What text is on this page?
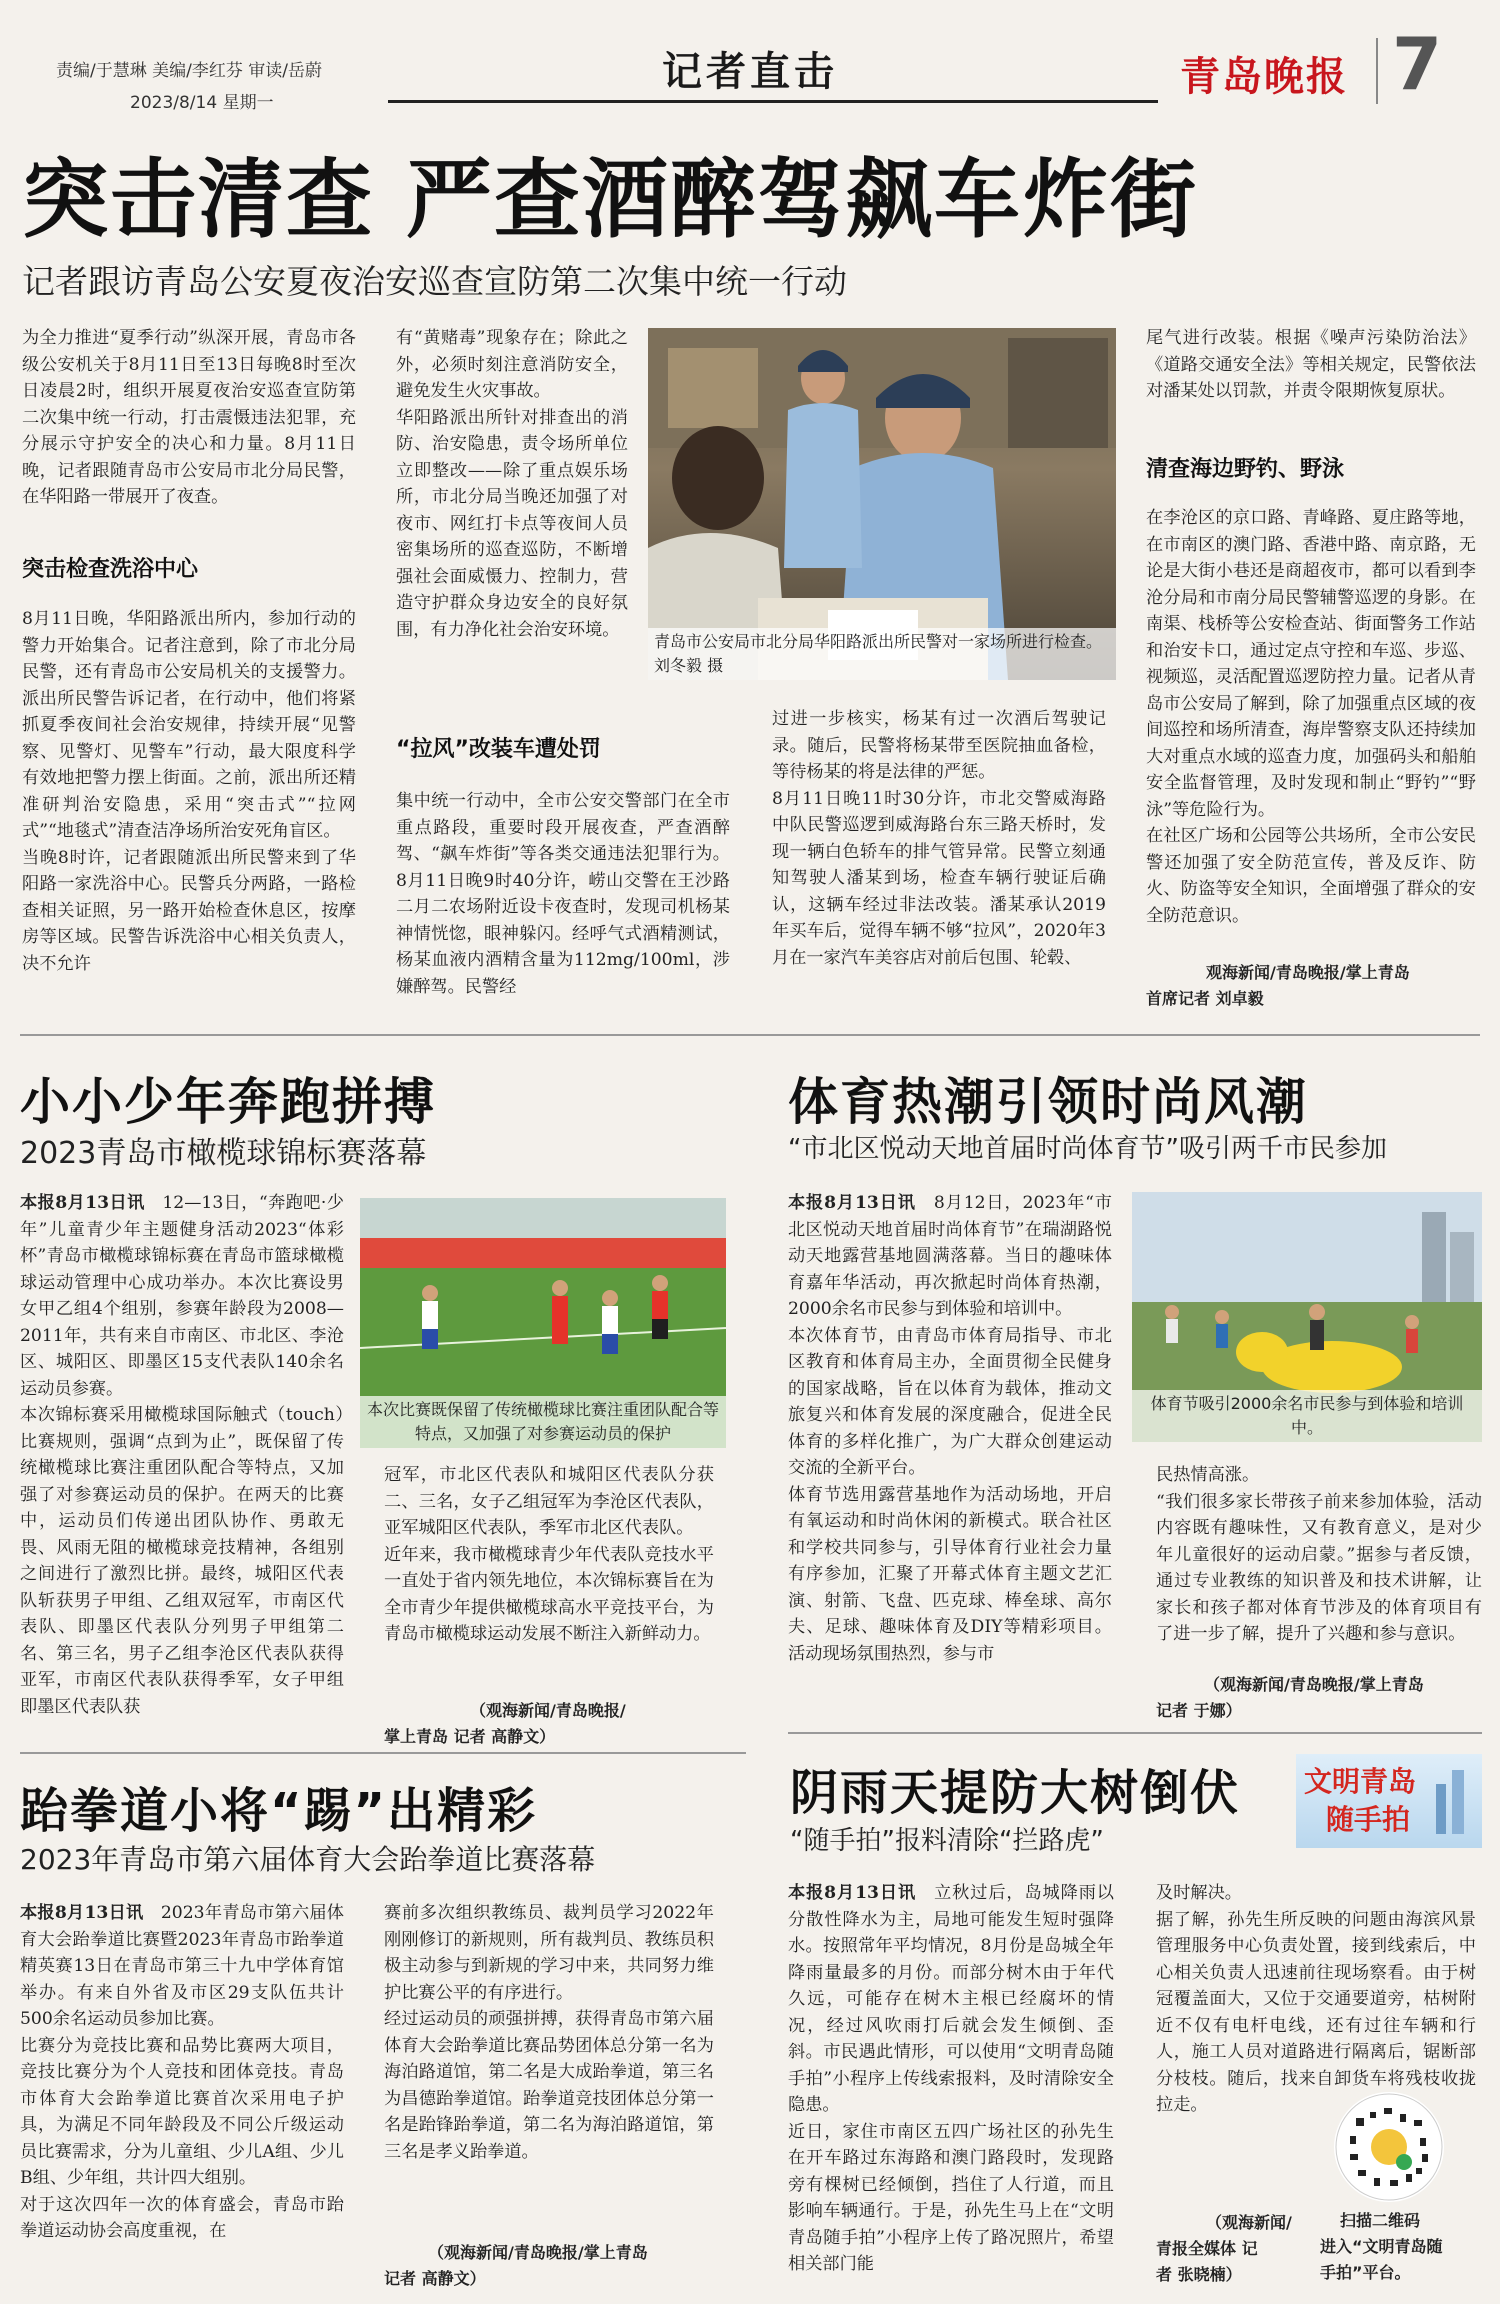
责编/于慧琳 美编/李红芬 审读/岳蔚
2023/8/14 星期一
记者直击	青岛晚报 7
突击清查 严查酒醉驾飙车炸街
记者跟访青岛公安夏夜治安巡查宣防第二次集中统一行动
为全力推进“夏季行动”纵深开展，青岛市各级公安机关于8月11日至13日每晚8时至次日凌晨2时，组织开展夏夜治安巡查宣防第二次集中统一行动，打击震慑违法犯罪，充分展示守护安全的决心和力量。8月11日晚，记者跟随青岛市公安局市北分局民警，在华阳路一带展开了夜查。
突击检查洗浴中心
8月11日晚，华阳路派出所内，参加行动的警力开始集合。记者注意到，除了市北分局民警，还有青岛市公安局机关的支援警力。派出所民警告诉记者，在行动中，他们将紧抓夏季夜间社会治安规律，持续开展“见警察、见警灯、见警车”行动，最大限度科学有效地把警力摆上街面。之前，派出所还精准研判治安隐患，采用“突击式”“拉网式”“地毯式”清查洁净场所治安死角盲区。
当晚8时许，记者跟随派出所民警来到了华阳路一家洗浴中心。民警兵分两路，一路检查相关证照，另一路开始检查休息区，按摩房等区域。民警告诉洗浴中心相关负责人，决不允许
有“黄赌毒”现象存在；除此之外，必须时刻注意消防安全，避免发生火灾事故。
华阳路派出所针对排查出的消防、治安隐患，责令场所单位立即整改——除了重点娱乐场所，市北分局当晚还加强了对夜市、网红打卡点等夜间人员密集场所的巡查巡防，不断增强社会面威慑力、控制力，营造守护群众身边安全的良好氛围，有力净化社会治安环境。
“拉风”改装车遭处罚
集中统一行动中，全市公安交警部门在全市重点路段，重要时段开展夜查，严查酒醉驾、“飙车炸街”等各类交通违法犯罪行为。8月11日晚9时40分许，崂山交警在王沙路二月二农场附近设卡夜查时，发现司机杨某神情恍惚，眼神躲闪。经呼气式酒精测试，杨某血液内酒精含量为112mg/100ml，涉嫌醉驾。民警经
青岛市公安局市北分局华阳路派出所民警对一家场所进行检查。 刘冬毅 摄
过进一步核实，杨某有过一次酒后驾驶记录。随后，民警将杨某带至医院抽血备检，等待杨某的将是法律的严惩。
8月11日晚11时30分许，市北交警威海路中队民警巡逻到威海路台东三路天桥时，发现一辆白色轿车的排气管异常。民警立刻通知驾驶人潘某到场，检查车辆行驶证后确认，这辆车经过非法改装。潘某承认2019年买车后，觉得车辆不够“拉风”，2020年3月在一家汽车美容店对前后包围、轮毂、
尾气进行改装。根据《噪声污染防治法》《道路交通安全法》等相关规定，民警依法对潘某处以罚款，并责令限期恢复原状。
清查海边野钓、野泳
在李沧区的京口路、青峰路、夏庄路等地，在市南区的澳门路、香港中路、南京路，无论是大街小巷还是商超夜市，都可以看到李沧分局和市南分局民警辅警巡逻的身影。在南渠、栈桥等公安检查站、街面警务工作站和治安卡口，通过定点守控和车巡、步巡、视频巡，灵活配置巡逻防控力量。记者从青岛市公安局了解到，除了加强重点区域的夜间巡控和场所清查，海岸警察支队还持续加大对重点水域的巡查力度，加强码头和船舶安全监督管理，及时发现和制止“野钓”“野泳”等危险行为。
在社区广场和公园等公共场所，全市公安民警还加强了安全防范宣传，普及反诈、防火、防盗等安全知识，全面增强了群众的安全防范意识。
观海新闻/青岛晚报/掌上青岛
首席记者 刘卓毅
小小少年奔跑拼搏
2023青岛市橄榄球锦标赛落幕
本报8月13日讯　 12—13日，“奔跑吧·少年”儿童青少年主题健身活动2023“体彩杯”青岛市橄榄球锦标赛在青岛市篮球橄榄球运动管理中心成功举办。本次比赛设男女甲乙组4个组别，参赛年龄段为2008—2011年，共有来自市南区、市北区、李沧区、城阳区、即墨区15支代表队140余名运动员参赛。
本次锦标赛采用橄榄球国际触式（touch）比赛规则，强调“点到为止”，既保留了传统橄榄球比赛注重团队配合等特点，又加强了对参赛运动员的保护。在两天的比赛中，运动员们传递出团队协作、勇敢无畏、风雨无阻的橄榄球竞技精神，各组别之间进行了激烈比拼。最终，城阳区代表队斩获男子甲组、乙组双冠军，市南区代表队、即墨区代表队分列男子甲组第二名、第三名，男子乙组李沧区代表队获得亚军，市南区代表队获得季军，女子甲组即墨区代表队获
本次比赛既保留了传统橄榄球比赛注重团队配合等特点，又加强了对参赛运动员的保护
冠军，市北区代表队和城阳区代表队分获二、三名，女子乙组冠军为李沧区代表队，亚军城阳区代表队，季军市北区代表队。
近年来，我市橄榄球青少年代表队竞技水平一直处于省内领先地位，本次锦标赛旨在为全市青少年提供橄榄球高水平竞技平台，为青岛市橄榄球运动发展不断注入新鲜动力。
（观海新闻/青岛晚报/
掌上青岛 记者 高静文）
体育热潮引领时尚风潮
“市北区悦动天地首届时尚体育节”吸引两千市民参加
本报8月13日讯　 8月12日，2023年“市北区悦动天地首届时尚体育节”在瑞湖路悦动天地露营基地圆满落幕。当日的趣味体育嘉年华活动，再次掀起时尚体育热潮，2000余名市民参与到体验和培训中。
本次体育节，由青岛市体育局指导、市北区教育和体育局主办，全面贯彻全民健身的国家战略，旨在以体育为载体，推动文旅复兴和体育发展的深度融合，促进全民体育的多样化推广，为广大群众创建运动交流的全新平台。
体育节选用露营基地作为活动场地，开启有氧运动和时尚休闲的新模式。联合社区和学校共同参与，引导体育行业社会力量有序参加，汇聚了开幕式体育主题文艺汇演、射箭、飞盘、匹克球、棒垒球、高尔夫、足球、趣味体育及DIY等精彩项目。活动现场氛围热烈，参与市
体育节吸引2000余名市民参与到体验和培训中。
民热情高涨。
“我们很多家长带孩子前来参加体验，活动内容既有趣味性，又有教育意义，是对少年儿童很好的运动启蒙。”据参与者反馈，通过专业教练的知识普及和技术讲解，让家长和孩子都对体育节涉及的体育项目有了进一步了解，提升了兴趣和参与意识。
（观海新闻/青岛晚报/掌上青岛
记者 于娜）
跆拳道小将“踢”出精彩
2023年青岛市第六届体育大会跆拳道比赛落幕
本报8月13日讯　 2023年青岛市第六届体育大会跆拳道比赛暨2023年青岛市跆拳道精英赛13日在青岛市第三十九中学体育馆举办。有来自外省及市区29支队伍共计500余名运动员参加比赛。
比赛分为竞技比赛和品势比赛两大项目，竞技比赛分为个人竞技和团体竞技。青岛市体育大会跆拳道比赛首次采用电子护具，为满足不同年龄段及不同公斤级运动员比赛需求，分为儿童组、少儿A组、少儿B组、少年组，共计四大组别。
对于这次四年一次的体育盛会，青岛市跆拳道运动协会高度重视，在
赛前多次组织教练员、裁判员学习2022年刚刚修订的新规则，所有裁判员、教练员积极主动参与到新规的学习中来，共同努力维护比赛公平的有序进行。
经过运动员的顽强拼搏，获得青岛市第六届体育大会跆拳道比赛品势团体总分第一名为海泊路道馆，第二名是大成跆拳道，第三名为昌德跆拳道馆。跆拳道竞技团体总分第一名是跆锋跆拳道，第二名为海泊路道馆，第三名是孝义跆拳道。
（观海新闻/青岛晚报/掌上青岛
记者 高静文）
阴雨天提防大树倒伏
“随手拍”报料清除“拦路虎”
文明青岛
随手拍
本报8月13日讯　 立秋过后，岛城降雨以分散性降水为主，局地可能发生短时强降水。按照常年平均情况，8月份是岛城全年降雨量最多的月份。而部分树木由于年代久远，可能存在树木主根已经腐坏的情况，经过风吹雨打后就会发生倾倒、歪斜。市民遇此情形，可以使用“文明青岛随手拍”小程序上传线索报料，及时清除安全隐患。
近日，家住市南区五四广场社区的孙先生在开车路过东海路和澳门路段时，发现路旁有棵树已经倾倒，挡住了人行道，而且影响车辆通行。于是，孙先生马上在“文明青岛随手拍”小程序上传了路况照片，希望相关部门能
及时解决。
据了解，孙先生所反映的问题由海滨风景管理服务中心负责处置，接到线索后，中心相关负责人迅速前往现场察看。由于树冠覆盖面大，又位于交通要道旁，枯树附近不仅有电杆电线，还有过往车辆和行人，施工人员对道路进行隔离后，锯断部分枝枝。随后，找来自卸货车将残枝收拢拉走。
（观海新闻/
青报全媒体 记
者 张晓楠）
扫描二维码
进入“文明青岛随
手拍”平台。
